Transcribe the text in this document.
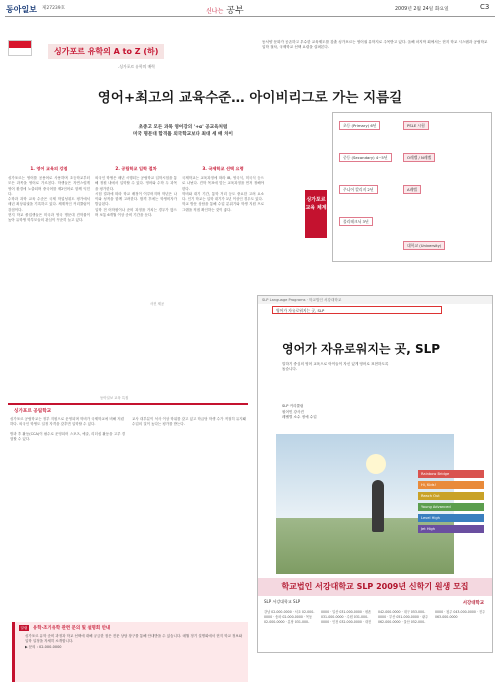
동아일보 제27239호	신나는 공부	2009년 2월 24일 화요일	C3
싱가포르 유학의 A to Z (하)
-싱가포르 유학의 매력
동서양 문화가 공존하고 우수한 교육제도를 갖춘 싱가포르는 영어권 유학지로 주목받고 있다. 올해 마지막 회에서는 현지 학교 시스템과 공립학교 입학 절차, 국제학교 선택 요령을 살펴본다.
영어+최고의 교육수준… 아이비리그로 가는 지름길
초중고 모든 과목 영어강의 '+α' 공교육처럼
미국 명문대 합격률 외국학교보다 최대 세 배 차이
1. 영어 교육의 강점

싱가포르는 영어를 공용어로 사용하며 초등학교부터 모든 과목을 영어로 가르친다. 학생들은 자연스럽게 영어 환경에 노출되며 중국어를 제2언어로 함께 익힌다.

수학과 과학 교육 수준은 국제 학업성취도 평가에서 매년 최상위권을 기록하고 있다. 체계적인 커리큘럼이 강점이다.

현지 학교 졸업생들은 미국과 영국 명문대 진학률이 높아 유학생 학부모들의 관심이 꾸준히 늘고 있다.

2. 공립학교 입학 절차

외국인 학생은 매년 시행되는 공립학교 입학시험을 통해 정원 내에서 입학할 수 있다. 영어와 수학 두 과목을 평가한다.

시험 결과에 따라 학교 배정이 이루어지며 학년은 나이와 성적을 함께 고려한다. 합격 후에는 학생비자가 발급된다.

입학 전 어학원이나 준비 과정을 거치는 경우가 많으며 보통 6개월 이상 준비 기간을 둔다.

3. 국제학교 선택 요령

국제학교는 교육과정에 따라 IB, 영국식, 미국식 등으로 나뉜다. 진학 목표에 맞는 교육과정을 먼저 정해야 한다.

학비와 대기 기간, 통학 거리 등도 중요한 고려 요소다. 인기 학교는 입학 대기가 1년 이상인 경우도 있다.

학교 방문 상담을 통해 수업 분위기와 학생 지원 프로그램을 직접 확인하는 것이 좋다.

싱가포르 교육 체계
초등 (Primary) 6년	PSLE 시험
중등 (Secondary) 4~5년	O레벨 / N레벨
주니어 칼리지 2년	A레벨
폴리테크닉 3년
대학교 (University)
사진 제공
SLP Language Programs · 학교법인 서강대학교
영어가 자유로워지는 곳, SLP
영어가 자유로워지는 곳, SLP
말하기 중심의 영어 교육으로 아이들이 자신 있게 영어로 표현하도록 돕습니다.
SLP 커리큘럼
원어민 강사진
레벨별 소수 정예 수업
Rainbow Bridge
Hi, Kids!
Reach Out
Young Advanced
Level High
Jet High
학교법인 서강대학교 SLP 2009년 신학기 원생 모집
SLP 서강대학교 SLP	서강대학교
강남 02-000-0000 · 서초 02-000-0000 · 송파 02-000-0000 · 목동 02-000-0000 · 분당 031-000-0000 · 일산 031-000-0000 · 평촌 031-000-0000 · 수원 031-000-0000 · 인천 032-000-0000 · 대전 042-000-0000 · 대구 053-000-0000 · 부산 051-000-0000 · 광주 062-000-0000 · 울산 052-000-0000 · 청주 043-000-0000 · 전주 063-000-0000
동아일보 교육 특집
싱가포르 공립학교

싱가포르 공립학교는 정부 지원으로 운영되며 학비가 국제학교에 비해 저렴하다. 외국인 학생도 일정 자격을 갖추면 입학할 수 있다.

교사 대부분이 석사 이상 학위를 갖고 있고 학급당 학생 수가 적절히 유지돼 수업의 질이 높다는 평가를 받는다.

방과 후 활동(CCA)이 필수로 운영되어 스포츠, 예술, 리더십 활동을 고루 경험할 수 있다.

알림	유학·조기유학 관련 문의 및 설명회 안내
싱가포르 유학 준비 과정과 학교 선택에 대해 궁금한 점은 전문 상담 창구를 통해 안내받을 수 있습니다. 매월 정기 설명회에서 현지 학교 정보와 입학 일정을 자세히 소개합니다.
▶ 문의 : 02-000-0000
